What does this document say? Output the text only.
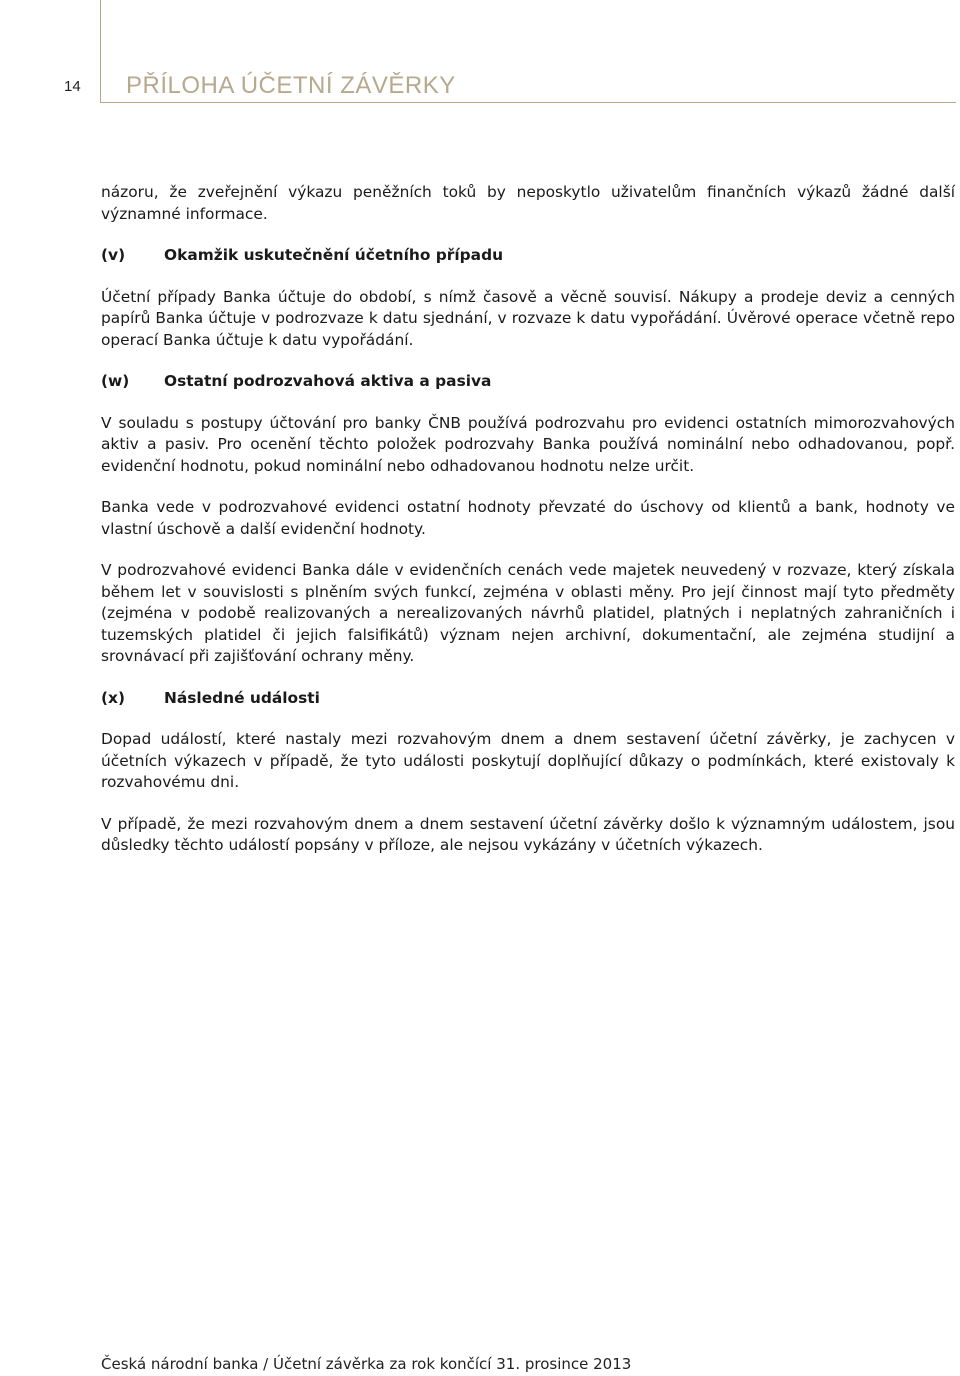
14 PŘÍLOHA ÚČETNÍ ZÁVĚRKY

názoru, že zveřejnění výkazu peněžních toků by neposkytlo uživatelům finančních výkazů žádné další významné informace.

(v)	Okamžik uskutečnění účetního případu

Účetní případy Banka účtuje do období, s nímž časově a věcně souvisí. Nákupy a prodeje deviz a cenných papírů Banka účtuje v podrozvaze k datu sjednání, v rozvaze k datu vypořádání. Úvěrové operace včetně repo operací Banka účtuje k datu vypořádání.

(w)	Ostatní podrozvahová aktiva a pasiva

V souladu s postupy účtování pro banky ČNB používá podrozvahu pro evidenci ostatních mimorozvahových aktiv a pasiv. Pro ocenění těchto položek podrozvahy Banka používá nominální nebo odhadovanou, popř. evidenční hodnotu, pokud nominální nebo odhadovanou hodnotu nelze určit.

Banka vede v podrozvahové evidenci ostatní hodnoty převzaté do úschovy od klientů a bank, hodnoty ve vlastní úschově a další evidenční hodnoty.

V podrozvahové evidenci Banka dále v evidenčních cenách vede majetek neuvedený v rozvaze, který získala během let v souvislosti s plněním svých funkcí, zejména v oblasti měny. Pro její činnost mají tyto předměty (zejména v podobě realizovaných a nerealizovaných návrhů platidel, platných i neplatných zahraničních i tuzemských platidel či jejich falsifikátů) význam nejen archivní, dokumentační, ale zejména studijní a srovnávací při zajišťování ochrany měny.

(x)	Následné události

Dopad událostí, které nastaly mezi rozvahovým dnem a dnem sestavení účetní závěrky, je zachycen v účetních výkazech v případě, že tyto události poskytují doplňující důkazy o podmínkách, které existovaly k rozvahovému dni.

V případě, že mezi rozvahovým dnem a dnem sestavení účetní závěrky došlo k významným událostem, jsou důsledky těchto událostí popsány v příloze, ale nejsou vykázány v účetních výkazech.

Česká národní banka / Účetní závěrka za rok končící 31. prosince 2013
